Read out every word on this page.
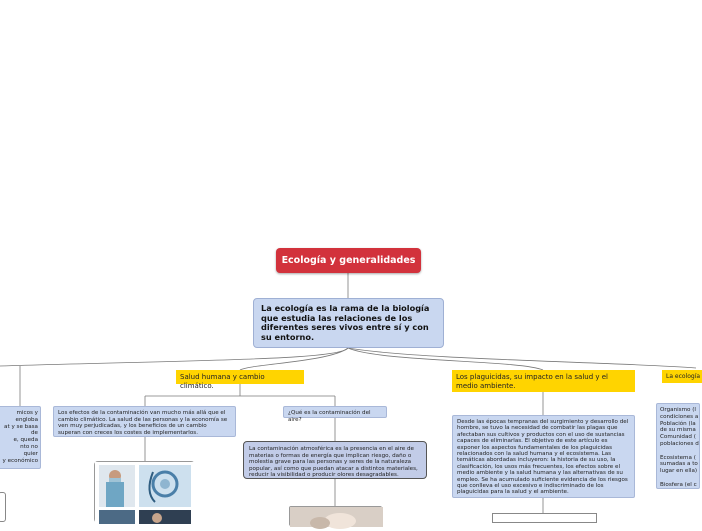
Ecología y generalidades
La ecología es la rama de la biología que estudia las relaciones de los diferentes seres vivos entre sí y con su entorno.
Salud humana y cambio climático.
Los efectos de la contaminación van mucho más allá que el cambio climático. La salud de las personas y la economía se ven muy perjudicadas, y los beneficios de un cambio superan con creces los costes de implementarlos.
¿Qué es la contaminación del aire?
La contaminación atmosférica es la presencia en el aire de materias o formas de energía que implican riesgo, daño o molestia grave para las personas y seres de la naturaleza popular, así como que puedan atacar a distintos materiales, reducir la visibilidad o producir olores desagradables.
Los plaguicidas, su impacto en la salud y el medio ambiente.
Desde las épocas tempranas del surgimiento y desarrollo del hombre, se tuvo la necesidad de combatir las plagas que afectaban sus cultivos y productos con el uso de sustancias capaces de eliminarlas. El objetivo de este artículo es exponer los aspectos fundamentales de los plaguicidas relacionados con la salud humana y el ecosistema. Las temáticas abordadas incluyeron: la historia de su uso, la clasificación, los usos más frecuentes, los efectos sobre el medio ambiente y la salud humana y las alternativas de su empleo. Se ha acumulado suficiente evidencia de los riesgos que conlleva el uso excesivo e indiscriminado de los plaguicidas para la salud y el ambiente.
micos y
engloba
at y se basa
de
e, queda
nto no
quier
y económico
La ecología
Organismo (l
condiciones a
Población (la
de su misma
Comunidad (
poblaciones d
Ecosistema (
sumadas a to
lugar en ella)
Biosfera (el c
